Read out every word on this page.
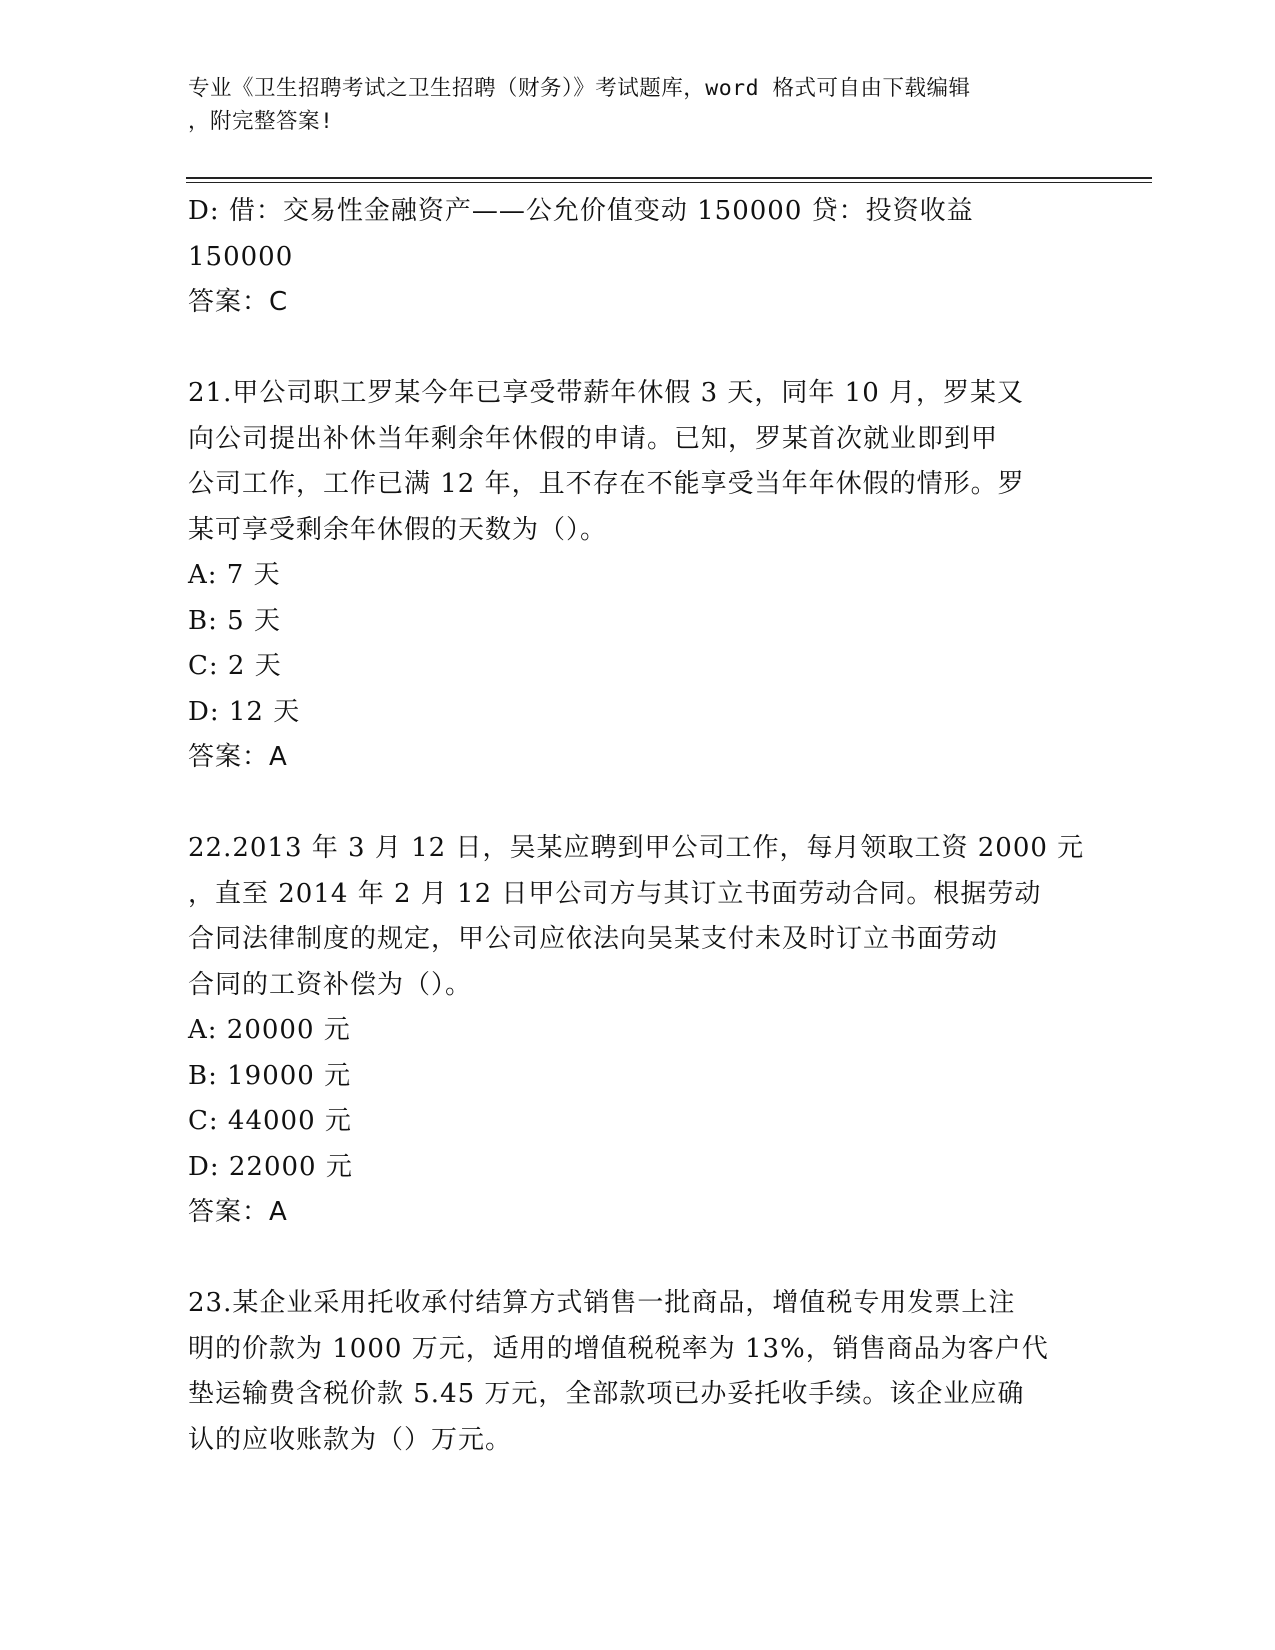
专业《卫生招聘考试之卫生招聘（财务）》考试题库，word 格式可自由下载编辑
，附完整答案!
D: 借：交易性金融资产——公允价值变动 150000 贷：投资收益
150000
答案：C
21.甲公司职工罗某今年已享受带薪年休假 3 天，同年 10 月，罗某又
向公司提出补休当年剩余年休假的申请。已知，罗某首次就业即到甲
公司工作，工作已满 12 年，且不存在不能享受当年年休假的情形。罗
某可享受剩余年休假的天数为（）。
A: 7 天
B: 5 天
C: 2 天
D: 12 天
答案：A
22.2013 年 3 月 12 日，吴某应聘到甲公司工作，每月领取工资 2000 元
，直至 2014 年 2 月 12 日甲公司方与其订立书面劳动合同。根据劳动
合同法律制度的规定，甲公司应依法向吴某支付未及时订立书面劳动
合同的工资补偿为（）。
A: 20000 元
B: 19000 元
C: 44000 元
D: 22000 元
答案：A
23.某企业采用托收承付结算方式销售一批商品，增值税专用发票上注
明的价款为 1000 万元，适用的增值税税率为 13%，销售商品为客户代
垫运输费含税价款 5.45 万元，全部款项已办妥托收手续。该企业应确
认的应收账款为（）万元。
